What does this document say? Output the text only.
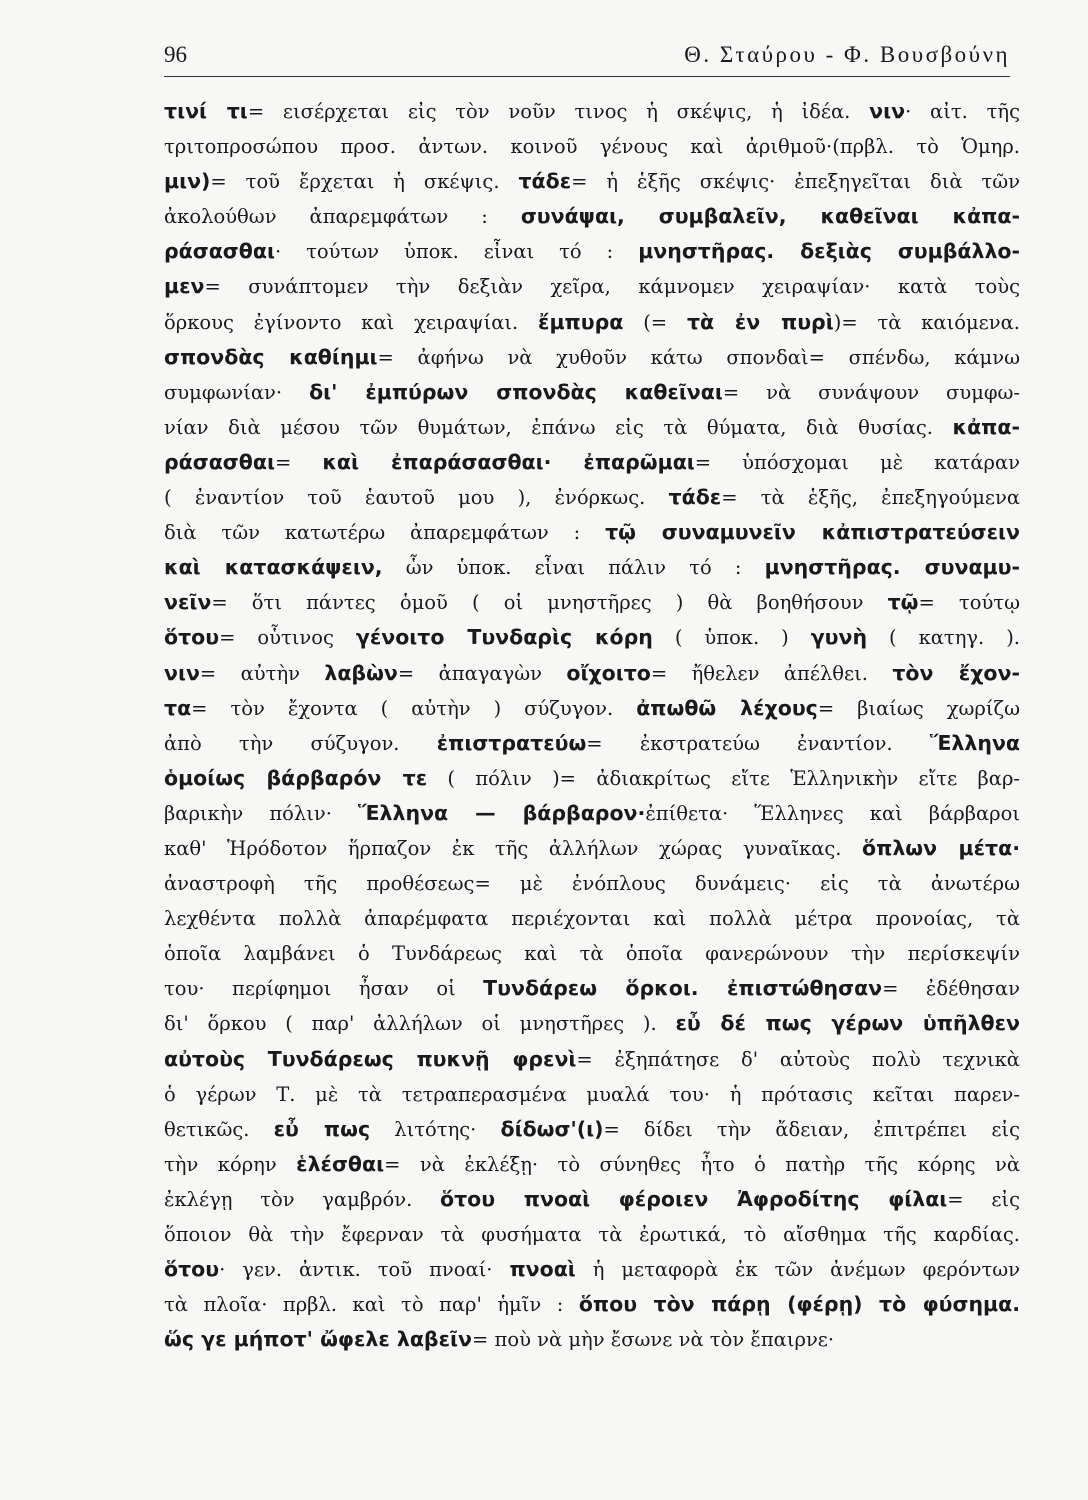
96	Θ. Σταύρου - Φ. Βουσβούνη
τινί τι= εισέρχεται εἰς τὸν νοῦν τινος ἡ σκέψις, ἡ ἰδέα. νιν· αἰτ. τῆς
τριτοπροσώπου προσ. ἀντων. κοινοῦ γένους καὶ ἀριθμοῦ·(πρβλ. τὸ Ὁμηρ.
μιν)= τοῦ ἔρχεται ἡ σκέψις. τάδε= ἡ ἑξῆς σκέψις· ἐπεξηγεῖται διὰ τῶν
ἀκολούθων ἀπαρεμφάτων : συνάψαι, συμβαλεῖν, καθεῖναι κἀπα-
ράσασθαι· τούτων ὑποκ. εἶναι τό : μνηστῆρας. δεξιὰς συμβάλλο-
μεν= συνάπτομεν τὴν δεξιὰν χεῖρα, κάμνομεν χειραψίαν· κατὰ τοὺς
ὅρκους ἐγίνοντο καὶ χειραψίαι. ἔμπυρα (= τὰ ἐν πυρὶ)= τὰ καιόμενα.
σπονδὰς καθίημι= ἀφήνω νὰ χυθοῦν κάτω σπονδαὶ= σπένδω, κάμνω
συμφωνίαν· δι' ἐμπύρων σπονδὰς καθεῖναι= νὰ συνάψουν συμφω-
νίαν διὰ μέσου τῶν θυμάτων, ἐπάνω εἰς τὰ θύματα, διὰ θυσίας. κἀπα-
ράσασθαι= καὶ ἐπαράσασθαι· ἐπαρῶμαι= ὑπόσχομαι μὲ κατάραν
( ἐναντίον τοῦ ἑαυτοῦ μου ), ἐνόρκως. τάδε= τὰ ἑξῆς, ἐπεξηγούμενα
διὰ τῶν κατωτέρω ἀπαρεμφάτων : τῷ συναμυνεῖν κἀπιστρατεύσειν
καὶ κατασκάψειν, ὧν ὑποκ. εἶναι πάλιν τό : μνηστῆρας. συναμυ-
νεῖν= ὅτι πάντες ὁμοῦ ( οἱ μνηστῆρες ) θὰ βοηθήσουν τῷ= τούτῳ
ὅτου= οὗτινος γένοιτο Τυνδαρὶς κόρη ( ὑποκ. ) γυνὴ ( κατηγ. ).
νιν= αὐτὴν λαβὼν= ἀπαγαγὼν οἴχοιτο= ἤθελεν ἀπέλθει. τὸν ἔχον-
τα= τὸν ἔχοντα ( αὐτὴν ) σύζυγον. ἀπωθῶ λέχους= βιαίως χωρίζω
ἀπὸ τὴν σύζυγον. ἐπιστρατεύω= ἐκστρατεύω ἐναντίον. Ἕλληνα
ὁμοίως βάρβαρόν τε ( πόλιν )= ἀδιακρίτως εἴτε Ἑλληνικὴν εἴτε βαρ-
βαρικὴν πόλιν· Ἕλληνα — βάρβαρον·ἐπίθετα· Ἕλληνες καὶ βάρβαροι
καθ' Ἡρόδοτον ἥρπαζον ἐκ τῆς ἀλλήλων χώρας γυναῖκας. ὅπλων μέτα·
ἀναστροφὴ τῆς προθέσεως= μὲ ἐνόπλους δυνάμεις· εἰς τὰ ἀνωτέρω
λεχθέντα πολλὰ ἀπαρέμφατα περιέχονται καὶ πολλὰ μέτρα προνοίας, τὰ
ὁποῖα λαμβάνει ὁ Τυνδάρεως καὶ τὰ ὁποῖα φανερώνουν τὴν περίσκεψίν
του· περίφημοι ἦσαν οἱ Τυνδάρεω ὅρκοι. ἐπιστώθησαν= ἐδέθησαν
δι' ὅρκου ( παρ' ἀλλήλων οἱ μνηστῆρες ). εὖ δέ πως γέρων ὑπῆλθεν
αὐτοὺς Τυνδάρεως πυκνῇ φρενὶ= ἐξηπάτησε δ' αὐτοὺς πολὺ τεχνικὰ
ὁ γέρων Τ. μὲ τὰ τετραπερασμένα μυαλά του· ἡ πρότασις κεῖται παρεν-
θετικῶς. εὖ πως λιτότης· δίδωσ'(ι)= δίδει τὴν ἄδειαν, ἐπιτρέπει εἰς
τὴν κόρην ἑλέσθαι= νὰ ἐκλέξῃ· τὸ σύνηθες ἦτο ὁ πατὴρ τῆς κόρης νὰ
ἐκλέγῃ τὸν γαμβρόν. ὅτου πνοαὶ φέροιεν Ἀφροδίτης φίλαι= εἰς
ὅποιον θὰ τὴν ἔφερναν τὰ φυσήματα τὰ ἐρωτικά, τὸ αἴσθημα τῆς καρδίας.
ὅτου· γεν. ἀντικ. τοῦ πνοαί· πνοαὶ ἡ μεταφορὰ ἐκ τῶν ἀνέμων φερόντων
τὰ πλοῖα· πρβλ. καὶ τὸ παρ' ἡμῖν : ὅπου τὸν πάρῃ (φέρῃ) τὸ φύσημα.
ὥς γε μήποτ' ὤφελε λαβεῖν= ποὺ νὰ μὴν ἔσωνε νὰ τὸν ἔπαιρνε·
